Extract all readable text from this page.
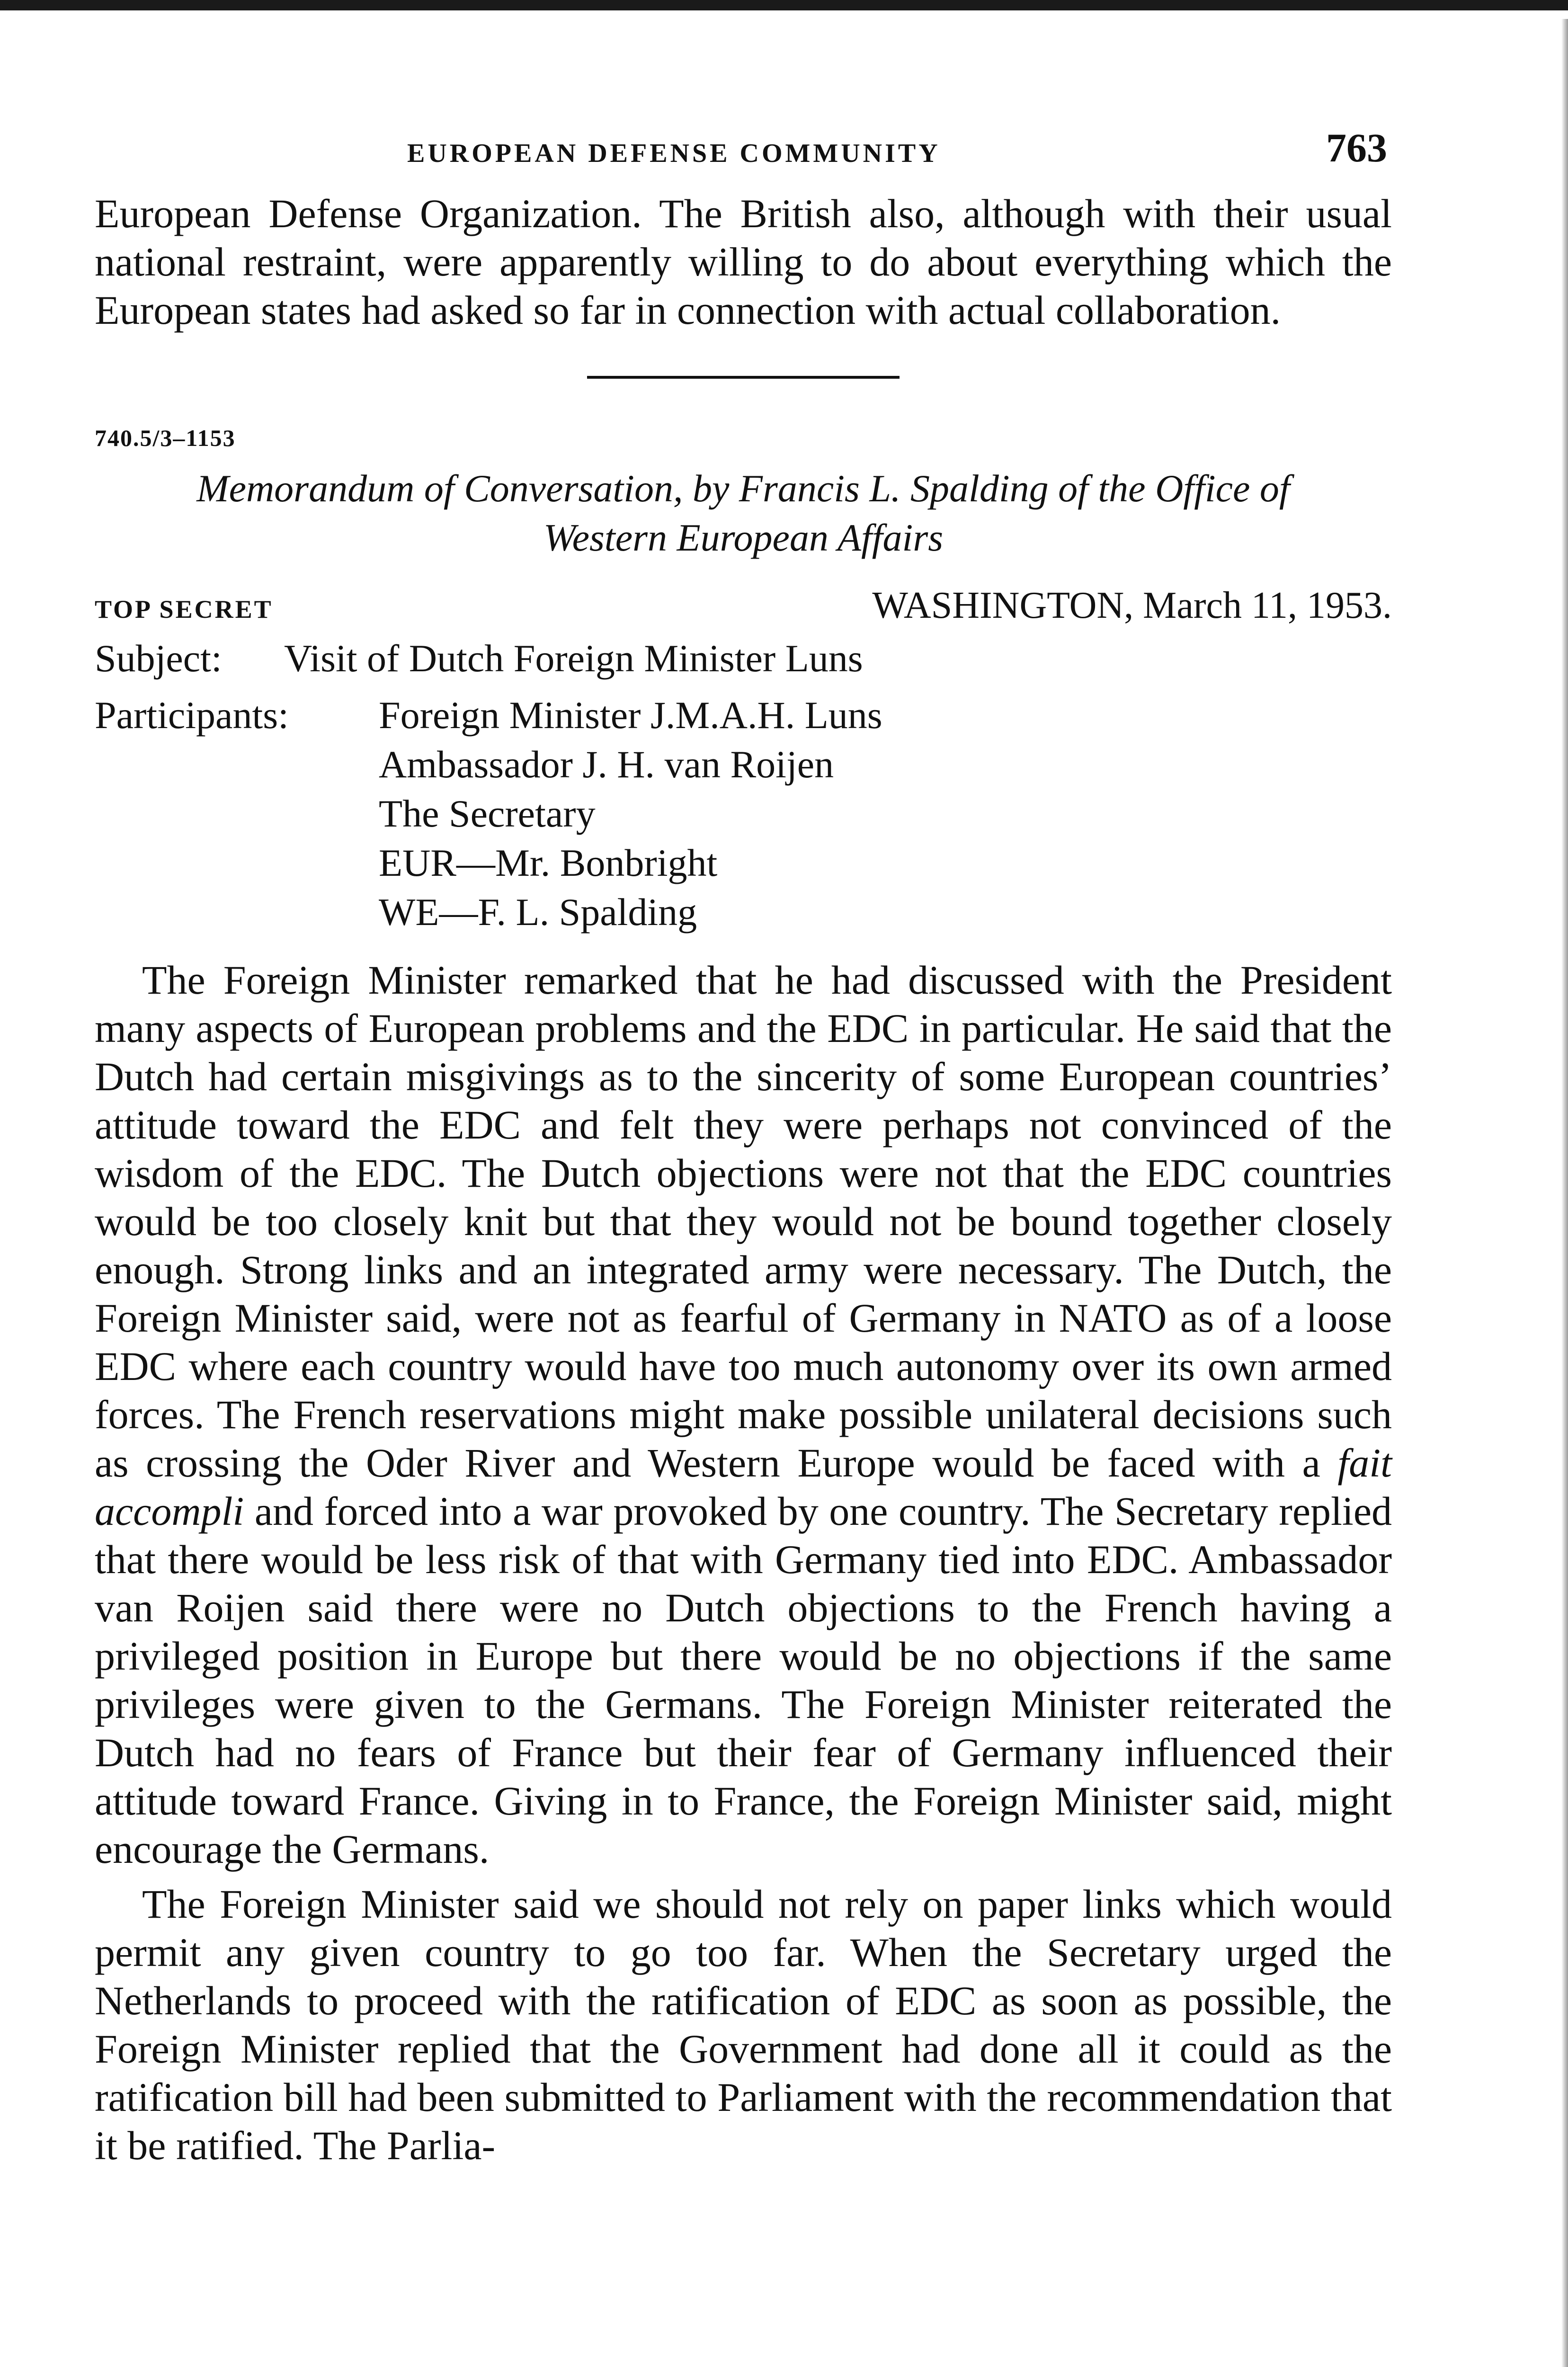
EUROPEAN DEFENSE COMMUNITY	763

European Defense Organization. The British also, although with their usual national restraint, were apparently willing to do about everything which the European states had asked so far in connection with actual collaboration.

740.5/3–1153
Memorandum of Conversation, by Francis L. Spalding of the Office of
Western European Affairs
TOP SECRET	WASHINGTON, March 11, 1953.
Subject:	Visit of Dutch Foreign Minister Luns
Participants:	Foreign Minister J.M.A.H. Luns
Ambassador J. H. van Roijen
The Secretary
EUR—Mr. Bonbright
WE—F. L. Spalding

The Foreign Minister remarked that he had discussed with the President many aspects of European problems and the EDC in particular. He said that the Dutch had certain misgivings as to the sincerity of some European countries’ attitude toward the EDC and felt they were perhaps not convinced of the wisdom of the EDC. The Dutch objections were not that the EDC countries would be too closely knit but that they would not be bound together closely enough. Strong links and an integrated army were necessary. The Dutch, the Foreign Minister said, were not as fearful of Germany in NATO as of a loose EDC where each country would have too much autonomy over its own armed forces. The French reservations might make possible unilateral decisions such as crossing the Oder River and Western Europe would be faced with a fait accompli and forced into a war provoked by one country. The Secretary replied that there would be less risk of that with Germany tied into EDC. Ambassador van Roijen said there were no Dutch objections to the French having a privileged position in Europe but there would be no objections if the same privileges were given to the Germans. The Foreign Minister reiterated the Dutch had no fears of France but their fear of Germany influenced their attitude toward France. Giving in to France, the Foreign Minister said, might encourage the Germans.

The Foreign Minister said we should not rely on paper links which would permit any given country to go too far. When the Secretary urged the Netherlands to proceed with the ratification of EDC as soon as possible, the Foreign Minister replied that the Government had done all it could as the ratification bill had been submitted to Parliament with the recommendation that it be ratified. The Parlia-
